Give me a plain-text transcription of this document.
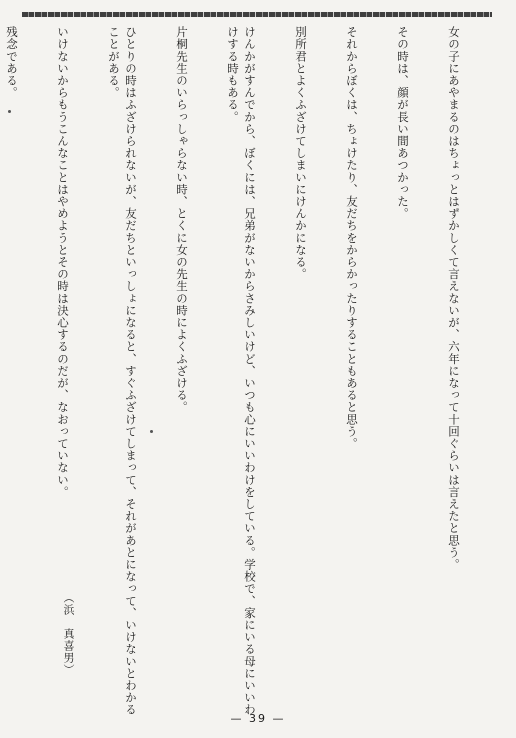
女の子にあやまるのはちょっとはずかしくて言えないが、六年になって十回ぐらいは言えたと思う。

その時は、顔が長い間あつかった。

それからぼくは、ちょけたり、友だちをからかったりすることもあると思う。

別所君とよくふざけてしまいにけんかになる。

けんかがすんでから、ぼくには、兄弟がないからさみしいけど、いつも心にいいわけをしている。学校で、家にいる母にいいわけする時もある。

片桐先生のいらっしゃらない時、とくに女の先生の時によくふざける。

ひとりの時はふざけられないが、友だちといっしょになると、すぐふざけてしまって、それがあとになって、いけないとわかることがある。

いけないからもうこんなことはやめようとその時は決心するのだが、なおっていない。

残念である。

（浜　真喜男）
— 39 —
